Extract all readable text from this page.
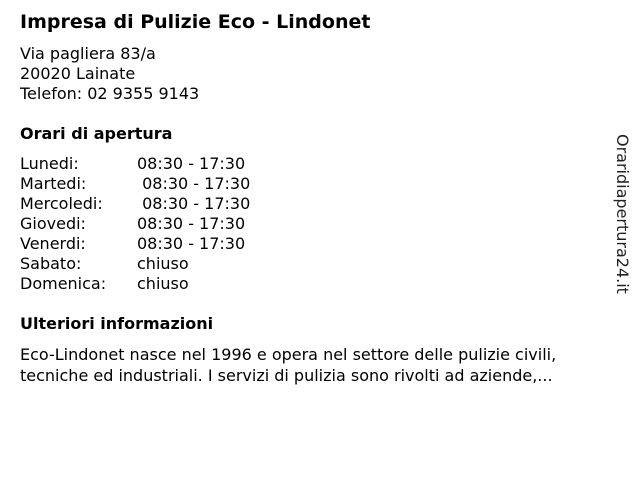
Impresa di Pulizie Eco - Lindonet
Via pagliera 83/a
20020 Lainate
Telefon: 02 9355 9143
Orari di apertura
Lunedi:	08:30 - 17:30
Martedi:	08:30 - 17:30
Mercoledi:	08:30 - 17:30
Giovedi:	08:30 - 17:30
Venerdi:	08:30 - 17:30
Sabato:	chiuso
Domenica:	chiuso
Ulteriori informazioni
Eco-Lindonet nasce nel 1996 e opera nel settore delle pulizie civili,
tecniche ed industriali. I servizi di pulizia sono rivolti ad aziende,...
Oraridiapertura24.it
